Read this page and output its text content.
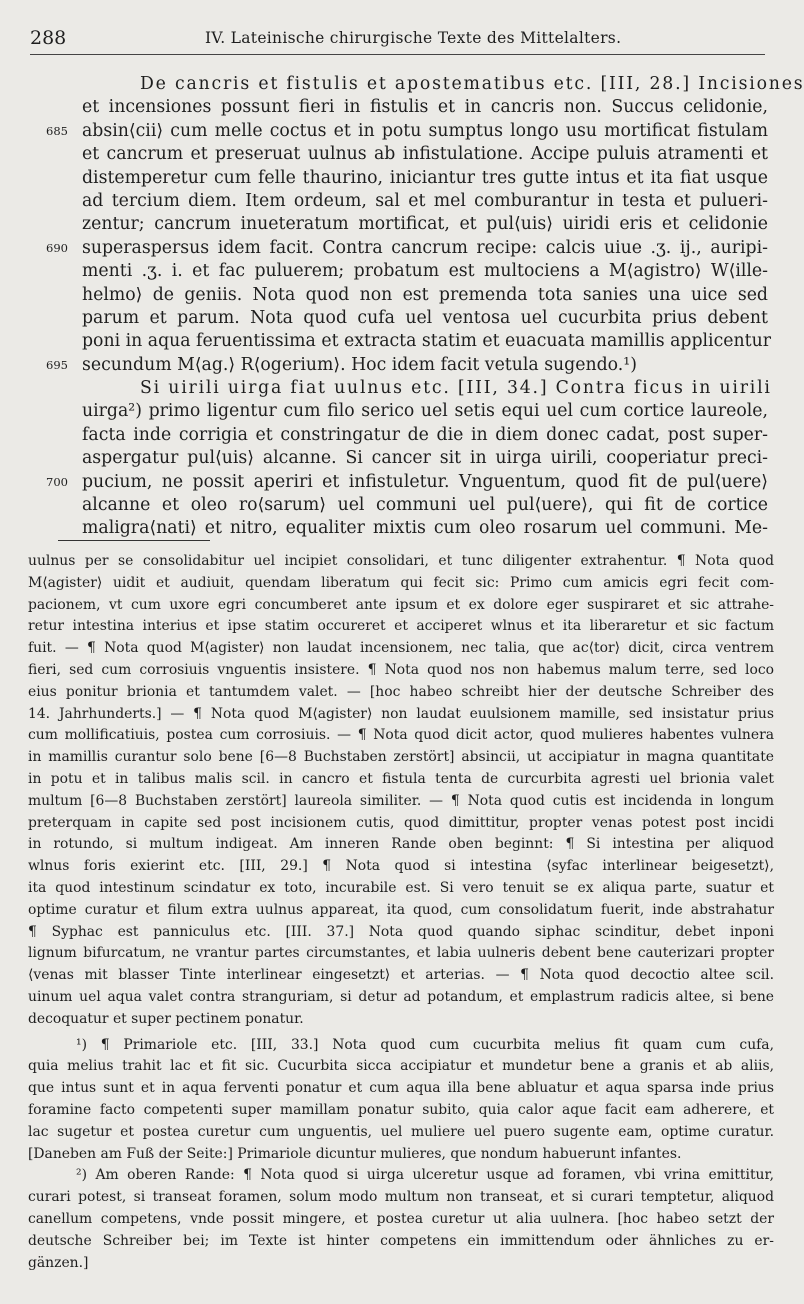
288	IV. Lateinische chirurgische Texte des Mittelalters.
De cancris et fistulis et apostematibus etc. [III, 28.] Incisiones
et incensiones possunt fieri in fistulis et in cancris non. Succus celidonie,
685 absin⟨cii⟩ cum melle coctus et in potu sumptus longo usu mortificat fistulam
et cancrum et preseruat uulnus ab infistulatione. Accipe puluis atramenti et
distemperetur cum felle thaurino, iniciantur tres gutte intus et ita fiat usque
ad tercium diem. Item ordeum, sal et mel comburantur in testa et pulueri-
zentur; cancrum inueteratum mortificat, et pul⟨uis⟩ uiridi eris et celidonie
690 superaspersus idem facit. Contra cancrum recipe: calcis uiue .ʒ. ij., auripi-
menti .ʒ. i. et fac puluerem; probatum est multociens a M⟨agistro⟩ W⟨ille-
helmo⟩ de geniis. Nota quod non est premenda tota sanies una uice sed
parum et parum. Nota quod cufa uel ventosa uel cucurbita prius debent
poni in aqua feruentissima et extracta statim et euacuata mamillis applicentur
695 secundum M⟨ag.⟩ R⟨ogerium⟩. Hoc idem facit vetula sugendo.¹)
Si uirili uirga fiat uulnus etc. [III, 34.] Contra ficus in uirili
uirga²) primo ligentur cum filo serico uel setis equi uel cum cortice laureole,
facta inde corrigia et constringatur de die in diem donec cadat, post super-
aspergatur pul⟨uis⟩ alcanne. Si cancer sit in uirga uirili, cooperiatur preci-
700 pucium, ne possit aperiri et infistuletur. Vnguentum, quod fit de pul⟨uere⟩
alcanne et oleo ro⟨sarum⟩ uel communi uel pul⟨uere⟩, qui fit de cortice
maligra⟨nati⟩ et nitro, equaliter mixtis cum oleo rosarum uel communi. Me-
uulnus per se consolidabitur uel incipiet consolidari, et tunc diligenter extrahentur. ¶ Nota quod
M⟨agister⟩ uidit et audiuit, quendam liberatum qui fecit sic: Primo cum amicis egri fecit com-
pacionem, vt cum uxore egri concumberet ante ipsum et ex dolore eger suspiraret et sic attrahe-
retur intestina interius et ipse statim occureret et acciperet wlnus et ita liberaretur et sic factum
fuit. — ¶ Nota quod M⟨agister⟩ non laudat incensionem, nec talia, que ac⟨tor⟩ dicit, circa ventrem
fieri, sed cum corrosiuis vnguentis insistere. ¶ Nota quod nos non habemus malum terre, sed loco
eius ponitur brionia et tantumdem valet. — [hoc habeo schreibt hier der deutsche Schreiber des
14. Jahrhunderts.] — ¶ Nota quod M⟨agister⟩ non laudat euulsionem mamille, sed insistatur prius
cum mollificatiuis, postea cum corrosiuis. — ¶ Nota quod dicit actor, quod mulieres habentes vulnera
in mamillis curantur solo bene [6—8 Buchstaben zerstört] absincii, ut accipiatur in magna quantitate
in potu et in talibus malis scil. in cancro et fistula tenta de curcurbita agresti uel brionia valet
multum [6—8 Buchstaben zerstört] laureola similiter. — ¶ Nota quod cutis est incidenda in longum
preterquam in capite sed post incisionem cutis, quod dimittitur, propter venas potest post incidi
in rotundo, si multum indigeat. Am inneren Rande oben beginnt: ¶ Si intestina per aliquod
wlnus foris exierint etc. [III, 29.] ¶ Nota quod si intestina ⟨syfac interlinear beigesetzt⟩,
ita quod intestinum scindatur ex toto, incurabile est. Si vero tenuit se ex aliqua parte, suatur et
optime curatur et filum extra uulnus appareat, ita quod, cum consolidatum fuerit, inde abstrahatur
¶ Syphac est panniculus etc. [III. 37.] Nota quod quando siphac scinditur, debet inponi
lignum bifurcatum, ne vrantur partes circumstantes, et labia uulneris debent bene cauterizari propter
⟨venas mit blasser Tinte interlinear eingesetzt⟩ et arterias. — ¶ Nota quod decoctio altee scil.
uinum uel aqua valet contra stranguriam, si detur ad potandum, et emplastrum radicis altee, si bene
decoquatur et super pectinem ponatur.
¹) ¶ Primariole etc. [III, 33.] Nota quod cum cucurbita melius fit quam cum cufa,
quia melius trahit lac et fit sic. Cucurbita sicca accipiatur et mundetur bene a granis et ab aliis,
que intus sunt et in aqua ferventi ponatur et cum aqua illa bene abluatur et aqua sparsa inde prius
foramine facto competenti super mamillam ponatur subito, quia calor aque facit eam adherere, et
lac sugetur et postea curetur cum unguentis, uel muliere uel puero sugente eam, optime curatur.
[Daneben am Fuß der Seite:] Primariole dicuntur mulieres, que nondum habuerunt infantes.
²) Am oberen Rande: ¶ Nota quod si uirga ulceretur usque ad foramen, vbi vrina emittitur,
curari potest, si transeat foramen, solum modo multum non transeat, et si curari temptetur, aliquod
canellum competens, vnde possit mingere, et postea curetur ut alia uulnera. [hoc habeo setzt der
deutsche Schreiber bei; im Texte ist hinter competens ein immittendum oder ähnliches zu er-
gänzen.]
